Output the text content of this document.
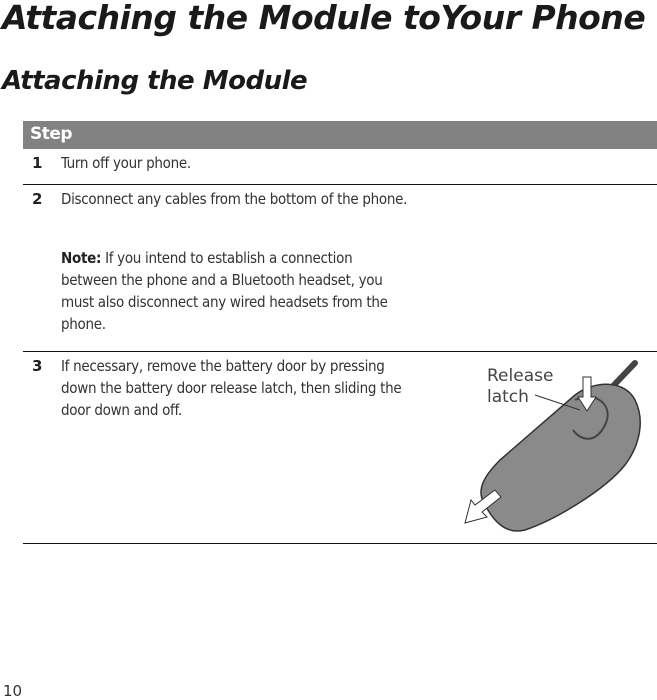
Attaching the Module toYour Phone
Attaching the Module
Step
1 Turn off your phone.
2 Disconnect any cables from the bottom of the phone.
Note: If you intend to establish a connection between the phone and a Bluetooth headset, you must also disconnect any wired headsets from the phone.
3 If necessary, remove the battery door by pressing down the battery door release latch, then sliding the door down and off.
Release
latch
10
